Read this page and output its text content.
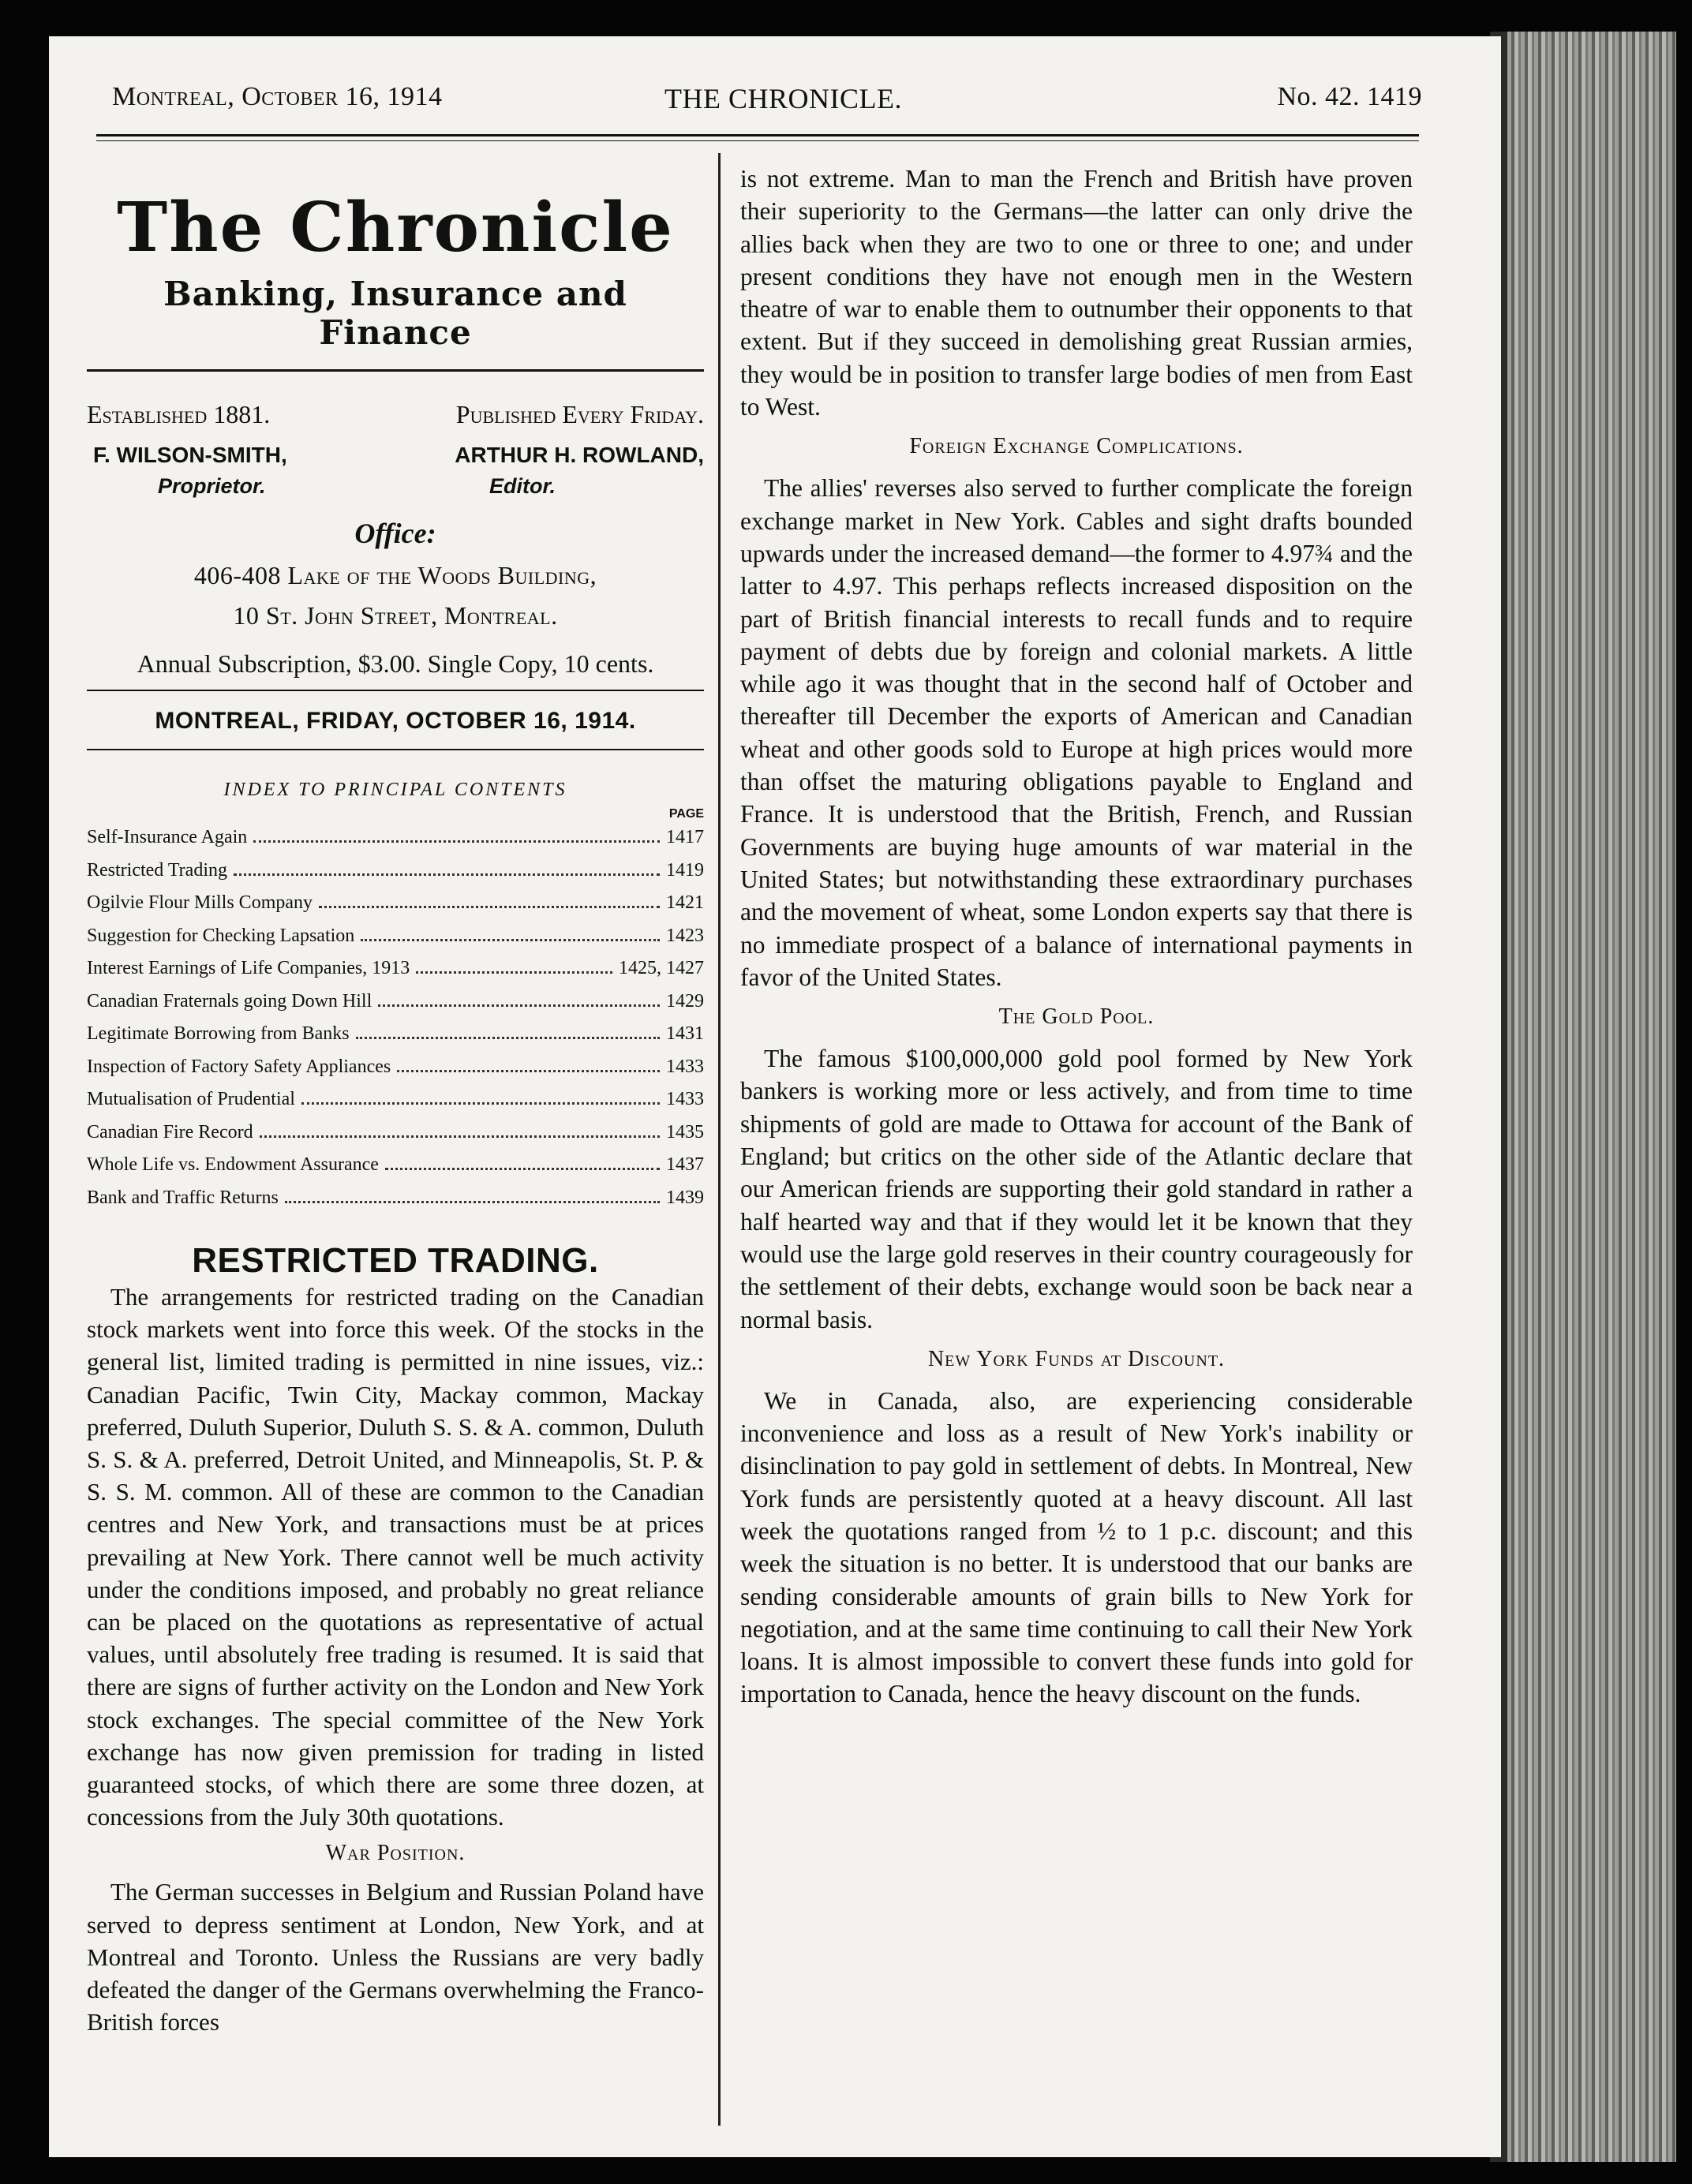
Montreal, October 16, 1914	THE CHRONICLE.	No. 42. 1419
The Chronicle
Banking, Insurance and Finance
Established 1881.	Published Every Friday.
F. WILSON-SMITH,	ARTHUR H. ROWLAND,
Proprietor.	Editor.
Office:
406-408 Lake of the Woods Building,
10 St. John Street, Montreal.
Annual Subscription, $3.00. Single Copy, 10 cents.
MONTREAL, FRIDAY, OCTOBER 16, 1914.
INDEX TO PRINCIPAL CONTENTS
PAGE
Self-Insurance Again	1417
Restricted Trading	1419
Ogilvie Flour Mills Company	1421
Suggestion for Checking Lapsation	1423
Interest Earnings of Life Companies, 1913	1425, 1427
Canadian Fraternals going Down Hill	1429
Legitimate Borrowing from Banks	1431
Inspection of Factory Safety Appliances	1433
Mutualisation of Prudential	1433
Canadian Fire Record	1435
Whole Life vs. Endowment Assurance	1437
Bank and Traffic Returns	1439
RESTRICTED TRADING.

The arrangements for restricted trading on the Canadian stock markets went into force this week. Of the stocks in the general list, limited trading is permitted in nine issues, viz.: Canadian Pacific, Twin City, Mackay common, Mackay preferred, Duluth Superior, Duluth S. S. & A. common, Duluth S. S. & A. preferred, Detroit United, and Minneapolis, St. P. & S. S. M. common. All of these are common to the Canadian centres and New York, and transactions must be at prices prevailing at New York. There cannot well be much activity under the conditions imposed, and probably no great reliance can be placed on the quotations as representative of actual values, until absolutely free trading is resumed. It is said that there are signs of further activity on the London and New York stock exchanges. The special committee of the New York exchange has now given premission for trading in listed guaranteed stocks, of which there are some three dozen, at concessions from the July 30th quotations.

War Position.

The German successes in Belgium and Russian Poland have served to depress sentiment at London, New York, and at Montreal and Toronto. Unless the Russians are very badly defeated the danger of the Germans overwhelming the Franco-British forces

is not extreme. Man to man the French and British have proven their superiority to the Germans—the latter can only drive the allies back when they are two to one or three to one; and under present conditions they have not enough men in the Western theatre of war to enable them to outnumber their opponents to that extent. But if they succeed in demolishing great Russian armies, they would be in position to transfer large bodies of men from East to West.

Foreign Exchange Complications.

The allies' reverses also served to further complicate the foreign exchange market in New York. Cables and sight drafts bounded upwards under the increased demand—the former to 4.97¾ and the latter to 4.97. This perhaps reflects increased disposition on the part of British financial interests to recall funds and to require payment of debts due by foreign and colonial markets. A little while ago it was thought that in the second half of October and thereafter till December the exports of American and Canadian wheat and other goods sold to Europe at high prices would more than offset the maturing obligations payable to England and France. It is understood that the British, French, and Russian Governments are buying huge amounts of war material in the United States; but notwithstanding these extraordinary purchases and the movement of wheat, some London experts say that there is no immediate prospect of a balance of international payments in favor of the United States.

The Gold Pool.

The famous $100,000,000 gold pool formed by New York bankers is working more or less actively, and from time to time shipments of gold are made to Ottawa for account of the Bank of England; but critics on the other side of the Atlantic declare that our American friends are supporting their gold standard in rather a half hearted way and that if they would let it be known that they would use the large gold reserves in their country courageously for the settlement of their debts, exchange would soon be back near a normal basis.

New York Funds at Discount.

We in Canada, also, are experiencing considerable inconvenience and loss as a result of New York's inability or disinclination to pay gold in settlement of debts. In Montreal, New York funds are persistently quoted at a heavy discount. All last week the quotations ranged from ½ to 1 p.c. discount; and this week the situation is no better. It is understood that our banks are sending considerable amounts of grain bills to New York for negotiation, and at the same time continuing to call their New York loans. It is almost impossible to convert these funds into gold for importation to Canada, hence the heavy discount on the funds.
